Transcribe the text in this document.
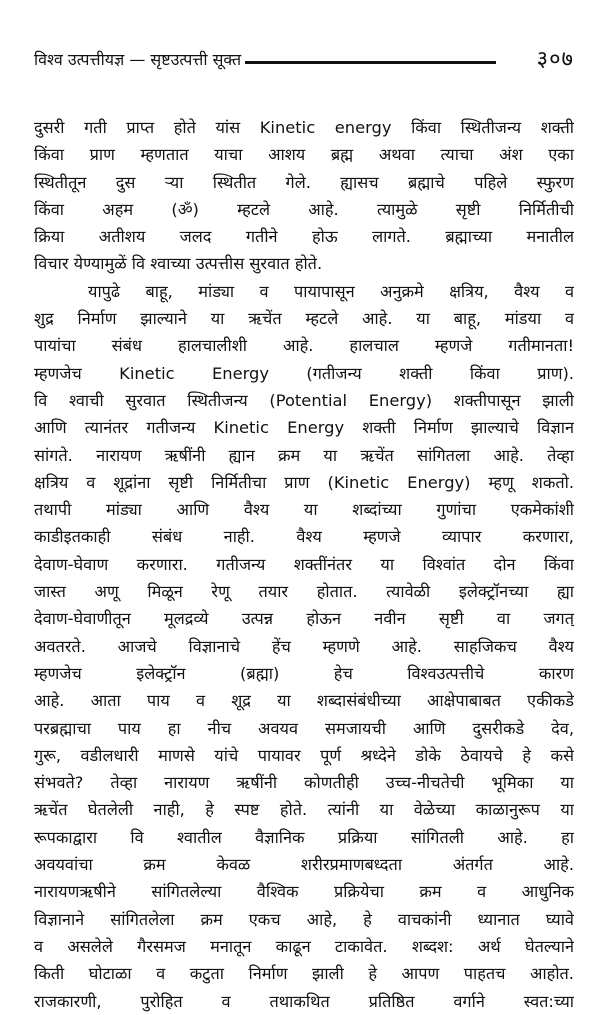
विश्व उत्पत्तीयज्ञ — सृष्टउत्पत्ती सूक्त	३०७
दुसरी गती प्राप्त होते यांस Kinetic energy किंवा स्थितीजन्य शक्ती
किंवा प्राण म्हणतात याचा आशय ब्रह्म अथवा त्याचा अंश एका
स्थितीतून दुस ऱ्या स्थितीत गेले. ह्यासच ब्रह्माचे पहिले स्फुरण
किंवा अहम (ॐ) म्हटले आहे. त्यामुळे सृष्टी निर्मितीची
क्रिया अतीशय जलद गतीने होऊ लागते. ब्रह्माच्या मनातील
विचार येण्यामुळें वि श्वाच्या उत्पत्तीस सुरवात होते.
यापुढे बाहू, मांड्या व पायापासून अनुक्रमे क्षत्रिय, वैश्य व
शुद्र निर्माण झाल्याने या ऋचेंत म्हटले आहे. या बाहू, मांडया व
पायांचा संबंध हालचालीशी आहे. हालचाल म्हणजे गतीमानता!
म्हणजेच Kinetic Energy (गतीजन्य शक्ती किंवा प्राण).
वि श्वाची सुरवात स्थितीजन्य (Potential Energy) शक्तीपासून झाली
आणि त्यानंतर गतीजन्य Kinetic Energy शक्ती निर्माण झाल्याचे विज्ञान
सांगते. नारायण ऋषींनी ह्यान क्रम या ऋचेंत सांगितला आहे. तेव्हा
क्षत्रिय व शूद्रांना सृष्टी निर्मितीचा प्राण (Kinetic Energy) म्हणू शकतो.
तथापी मांड्या आणि वैश्य या शब्दांच्या गुणांचा एकमेकांशी
काडीइतकाही संबंध नाही. वैश्य म्हणजे व्यापार करणारा,
देवाण-घेवाण करणारा. गतीजन्य शक्तींनंतर या विश्वांत दोन किंवा
जास्त अणू मिळून रेणू तयार होतात. त्यावेळी इलेक्ट्रॉनच्या ह्या
देवाण-घेवाणीतून मूलद्रव्ये उत्पन्न होऊन नवीन सृष्टी वा जगत्
अवतरते. आजचे विज्ञानाचे हेंच म्हणणे आहे. साहजिकच वैश्य
म्हणजेच इलेक्ट्रॉन (ब्रह्मा) हेच विश्वउत्पत्तीचे कारण
आहे. आता पाय व शूद्र या शब्दासंबंधीच्या आक्षेपाबाबत एकीकडे
परब्रह्माचा पाय हा नीच अवयव समजायची आणि दुसरीकडे देव,
गुरू, वडीलधारी माणसे यांचे पायावर पूर्ण श्रध्देने डोके ठेवायचे हे कसे
संभवते? तेव्हा नारायण ऋषींनी कोणतीही उच्च-नीचतेची भूमिका या
ऋचेंत घेतलेली नाही, हे स्पष्ट होते. त्यांनी या वेळेच्या काळानुरूप या
रूपकाद्वारा वि श्वातील वैज्ञानिक प्रक्रिया सांगितली आहे. हा
अवयवांचा क्रम केवळ शरीरप्रमाणबध्दता अंतर्गत आहे.
नारायणऋषीने सांगितलेल्या वैश्विक प्रक्रियेचा क्रम व आधुनिक
विज्ञानाने सांगितलेला क्रम एकच आहे, हे वाचकांनी ध्यानात घ्यावे
व असलेले गैरसमज मनातून काढून टाकावेत. शब्दश: अर्थ घेतल्याने
किती घोटाळा व कटुता निर्माण झाली हे आपण पाहतच आहोत.
राजकारणी, पुरोहित व तथाकथित प्रतिष्ठित वर्गाने स्वत:च्या
